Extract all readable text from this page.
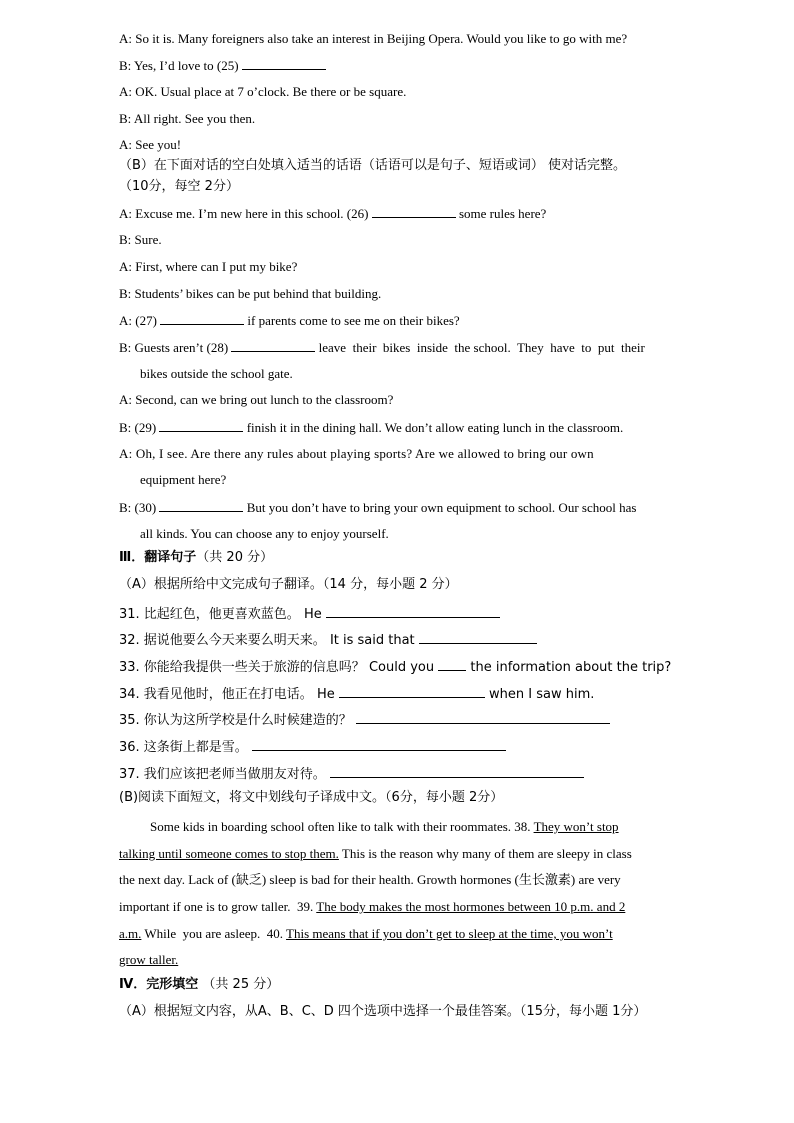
A: So it is. Many foreigners also take an interest in Beijing Opera. Would you like to go with me?
B: Yes, I’d love to (25)
A: OK. Usual place at 7 o’clock. Be there or be square.
B: All right. See you then.
A: See you!
（B）在下面对话的空白处填入适当的话语（话语可以是句子、短语或词） 使对话完整。
（10分，每空 2分）
A: Excuse me. I’m new here in this school. (26)	some rules here?
B: Sure.
A: First, where can I put my bike?
B: Students’ bikes can be put behind that building.
A: (27)	if parents come to see me on their bikes?
B: Guests aren’t (28)	leave  their  bikes  inside  the school.  They  have  to  put  their
bikes outside the school gate.
A: Second, can we bring out lunch to the classroom?
B: (29)	finish it in the dining hall. We don’t allow eating lunch in the classroom.
A: Oh, I see. Are there any rules about playing sports? Are we allowed to bring our own
equipment here?
B: (30)	But you don’t have to bring your own equipment to school. Our school has
all kinds. You can choose any to enjoy yourself.
Ⅲ．翻译句子（共 20 分）
（A）根据所给中文完成句子翻译。（14 分，每小题 2 分）
31. 比起红色，他更喜欢蓝色。 He
32. 据说他要么今天来要么明天来。 It is said that
33. 你能给我提供一些关于旅游的信息吗？ Could you	the information about the trip?
34. 我看见他时，他正在打电话。 He	when I saw him.
35. 你认为这所学校是什么时候建造的？
36. 这条街上都是雪。
37. 我们应该把老师当做朋友对待。
(B)阅读下面短文，将文中划线句子译成中文。（6分，每小题 2分）
Some kids in boarding school often like to talk with their roommates. 38. They won’t stop
talking until someone comes to stop them. This is the reason why many of them are sleepy in class
the next day. Lack of (缺乏) sleep is bad for their health. Growth hormones (生长激素) are very
important if one is to grow taller.  39. The body makes the most hormones between 10 p.m. and 2
a.m. While  you are asleep.  40. This means that if you don’t get to sleep at the time, you won’t
grow taller.
Ⅳ．完形填空 （共 25 分）
（A）根据短文内容，从A、B、C、D 四个选项中选择一个最佳答案。（15分，每小题 1分）
